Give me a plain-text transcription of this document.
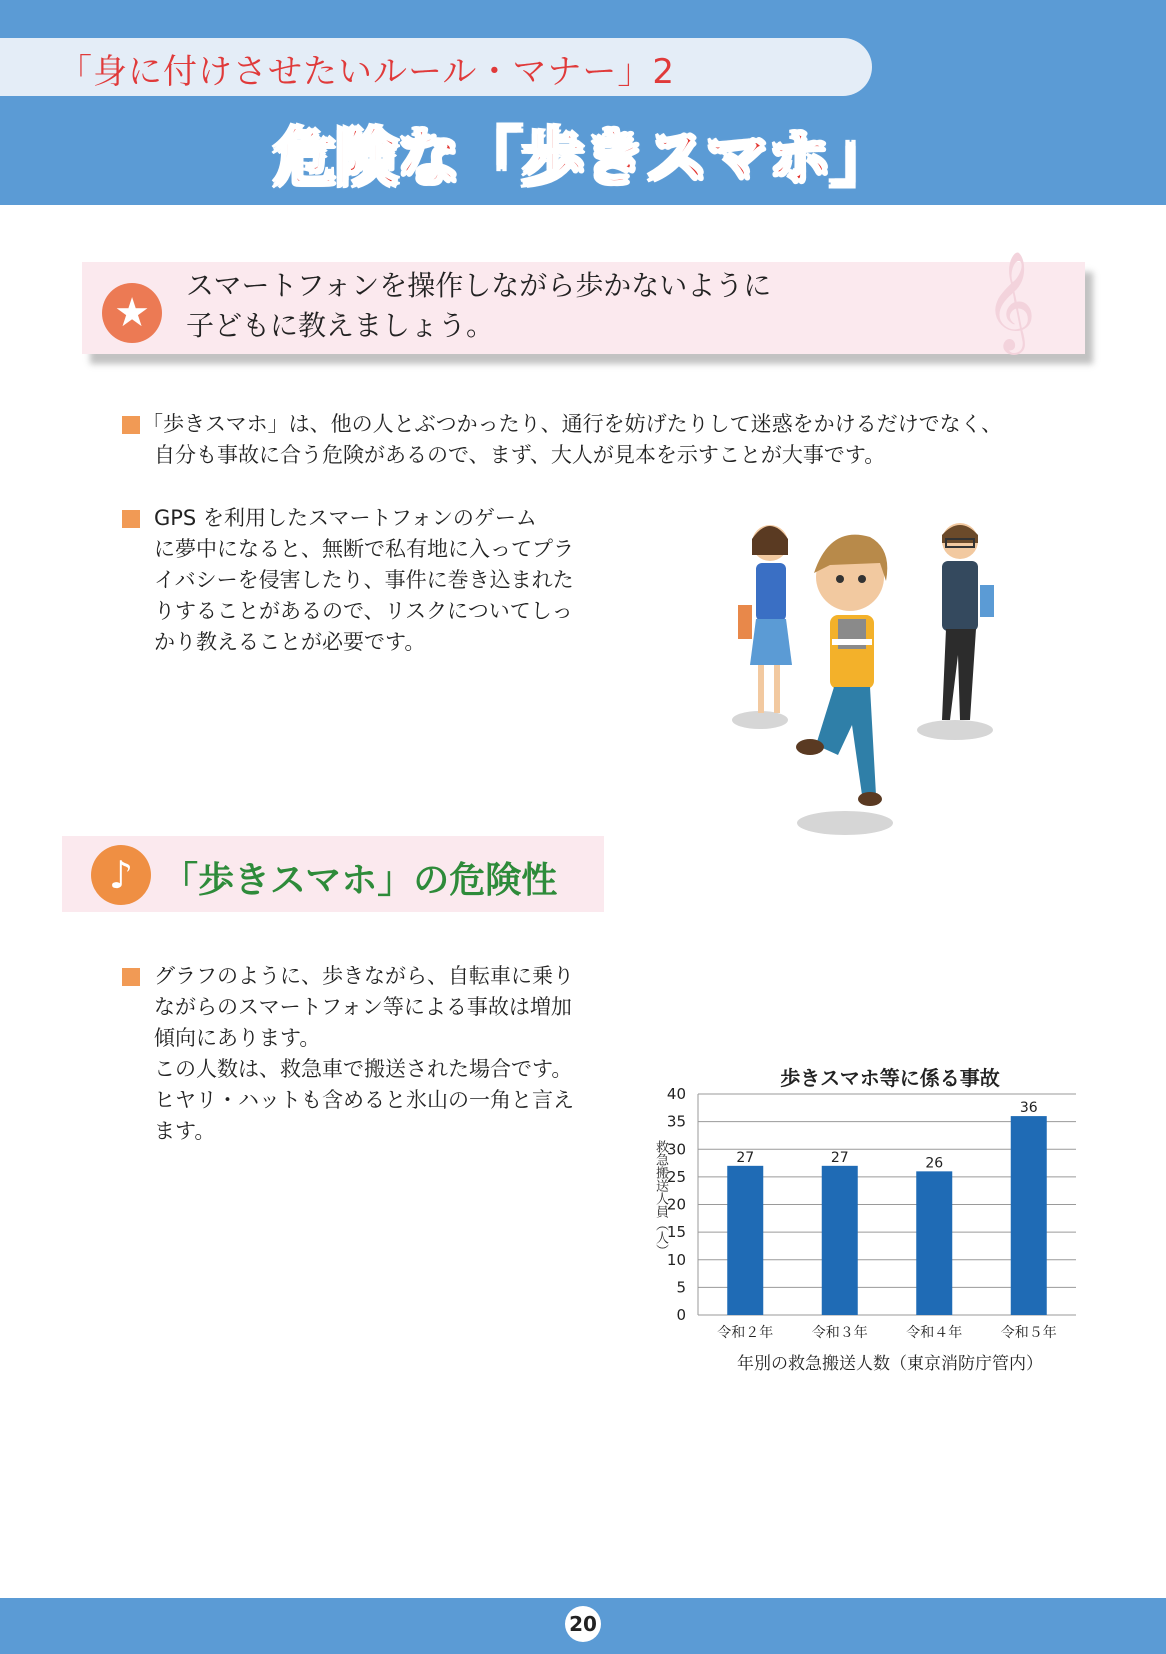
「身に付けさせたいルール・マナー」2
危険な「歩きスマホ」
★
スマートフォンを操作しながら歩かないように
子どもに教えましょう。	𝄞
「歩きスマホ」は、他の人とぶつかったり、通行を妨げたりして迷惑をかけるだけでなく、
自分も事故に合う危険があるので、まず、大人が見本を示すことが大事です。
GPS を利用したスマートフォンのゲーム
に夢中になると、無断で私有地に入ってプラ
イバシーを侵害したり、事件に巻き込まれた
りすることがあるので、リスクについてしっ
かり教えることが必要です。
♪ 「歩きスマホ」の危険性
グラフのように、歩きながら、自転車に乗り
ながらのスマートフォン等による事故は増加
傾向にあります。
この人数は、救急車で搬送された場合です。
ヒヤリ・ハットも含めると氷山の一角と言え
ます。
歩きスマホ等に係る事故
救急搬送人員（人）
0
5
10
15
20
25
30
35
40
27
令和２年
27
令和３年
26
令和４年
36
令和５年
年別の救急搬送人数（東京消防庁管内）
20
